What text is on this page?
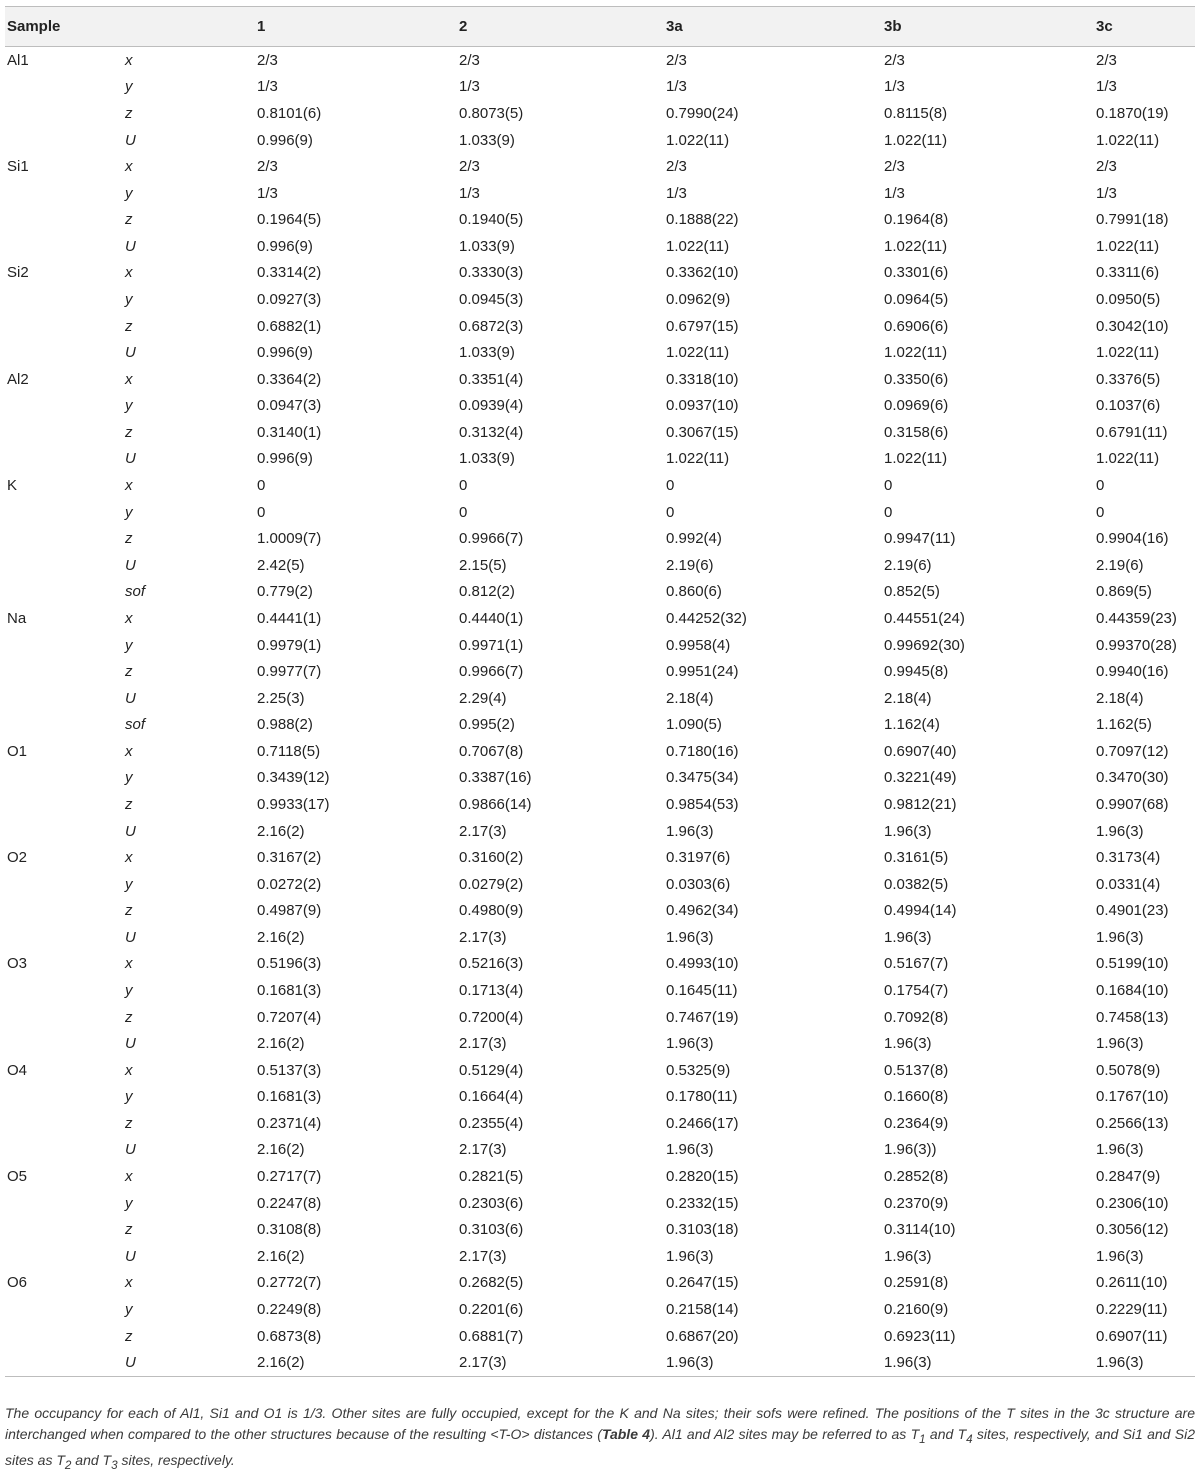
Sample		1	2	3a	3b	3c
Al1	x	2/3	2/3	2/3	2/3	2/3
	y	1/3	1/3	1/3	1/3	1/3
	z	0.8101(6)	0.8073(5)	0.7990(24)	0.8115(8)	0.1870(19)
	U	0.996(9)	1.033(9)	1.022(11)	1.022(11)	1.022(11)
Si1	x	2/3	2/3	2/3	2/3	2/3
	y	1/3	1/3	1/3	1/3	1/3
	z	0.1964(5)	0.1940(5)	0.1888(22)	0.1964(8)	0.7991(18)
	U	0.996(9)	1.033(9)	1.022(11)	1.022(11)	1.022(11)
Si2	x	0.3314(2)	0.3330(3)	0.3362(10)	0.3301(6)	0.3311(6)
	y	0.0927(3)	0.0945(3)	0.0962(9)	0.0964(5)	0.0950(5)
	z	0.6882(1)	0.6872(3)	0.6797(15)	0.6906(6)	0.3042(10)
	U	0.996(9)	1.033(9)	1.022(11)	1.022(11)	1.022(11)
Al2	x	0.3364(2)	0.3351(4)	0.3318(10)	0.3350(6)	0.3376(5)
	y	0.0947(3)	0.0939(4)	0.0937(10)	0.0969(6)	0.1037(6)
	z	0.3140(1)	0.3132(4)	0.3067(15)	0.3158(6)	0.6791(11)
	U	0.996(9)	1.033(9)	1.022(11)	1.022(11)	1.022(11)
K	x	0	0	0	0	0
	y	0	0	0	0	0
	z	1.0009(7)	0.9966(7)	0.992(4)	0.9947(11)	0.9904(16)
	U	2.42(5)	2.15(5)	2.19(6)	2.19(6)	2.19(6)
	sof	0.779(2)	0.812(2)	0.860(6)	0.852(5)	0.869(5)
Na	x	0.4441(1)	0.4440(1)	0.44252(32)	0.44551(24)	0.44359(23)
	y	0.9979(1)	0.9971(1)	0.9958(4)	0.99692(30)	0.99370(28)
	z	0.9977(7)	0.9966(7)	0.9951(24)	0.9945(8)	0.9940(16)
	U	2.25(3)	2.29(4)	2.18(4)	2.18(4)	2.18(4)
	sof	0.988(2)	0.995(2)	1.090(5)	1.162(4)	1.162(5)
O1	x	0.7118(5)	0.7067(8)	0.7180(16)	0.6907(40)	0.7097(12)
	y	0.3439(12)	0.3387(16)	0.3475(34)	0.3221(49)	0.3470(30)
	z	0.9933(17)	0.9866(14)	0.9854(53)	0.9812(21)	0.9907(68)
	U	2.16(2)	2.17(3)	1.96(3)	1.96(3)	1.96(3)
O2	x	0.3167(2)	0.3160(2)	0.3197(6)	0.3161(5)	0.3173(4)
	y	0.0272(2)	0.0279(2)	0.0303(6)	0.0382(5)	0.0331(4)
	z	0.4987(9)	0.4980(9)	0.4962(34)	0.4994(14)	0.4901(23)
	U	2.16(2)	2.17(3)	1.96(3)	1.96(3)	1.96(3)
O3	x	0.5196(3)	0.5216(3)	0.4993(10)	0.5167(7)	0.5199(10)
	y	0.1681(3)	0.1713(4)	0.1645(11)	0.1754(7)	0.1684(10)
	z	0.7207(4)	0.7200(4)	0.7467(19)	0.7092(8)	0.7458(13)
	U	2.16(2)	2.17(3)	1.96(3)	1.96(3)	1.96(3)
O4	x	0.5137(3)	0.5129(4)	0.5325(9)	0.5137(8)	0.5078(9)
	y	0.1681(3)	0.1664(4)	0.1780(11)	0.1660(8)	0.1767(10)
	z	0.2371(4)	0.2355(4)	0.2466(17)	0.2364(9)	0.2566(13)
	U	2.16(2)	2.17(3)	1.96(3)	1.96(3))	1.96(3)
O5	x	0.2717(7)	0.2821(5)	0.2820(15)	0.2852(8)	0.2847(9)
	y	0.2247(8)	0.2303(6)	0.2332(15)	0.2370(9)	0.2306(10)
	z	0.3108(8)	0.3103(6)	0.3103(18)	0.3114(10)	0.3056(12)
	U	2.16(2)	2.17(3)	1.96(3)	1.96(3)	1.96(3)
O6	x	0.2772(7)	0.2682(5)	0.2647(15)	0.2591(8)	0.2611(10)
	y	0.2249(8)	0.2201(6)	0.2158(14)	0.2160(9)	0.2229(11)
	z	0.6873(8)	0.6881(7)	0.6867(20)	0.6923(11)	0.6907(11)
	U	2.16(2)	2.17(3)	1.96(3)	1.96(3)	1.96(3)
The occupancy for each of Al1, Si1 and O1 is 1/3. Other sites are fully occupied, except for the K and Na sites; their sofs were refined. The positions of the T sites in the 3c structure are interchanged when compared to the other structures because of the resulting <T-O> distances (Table 4). Al1 and Al2 sites may be referred to as $T_1$ and $T_4$ sites, respectively, and Si1 and Si2 sites as $T_2$ and $T_3$ sites, respectively.
